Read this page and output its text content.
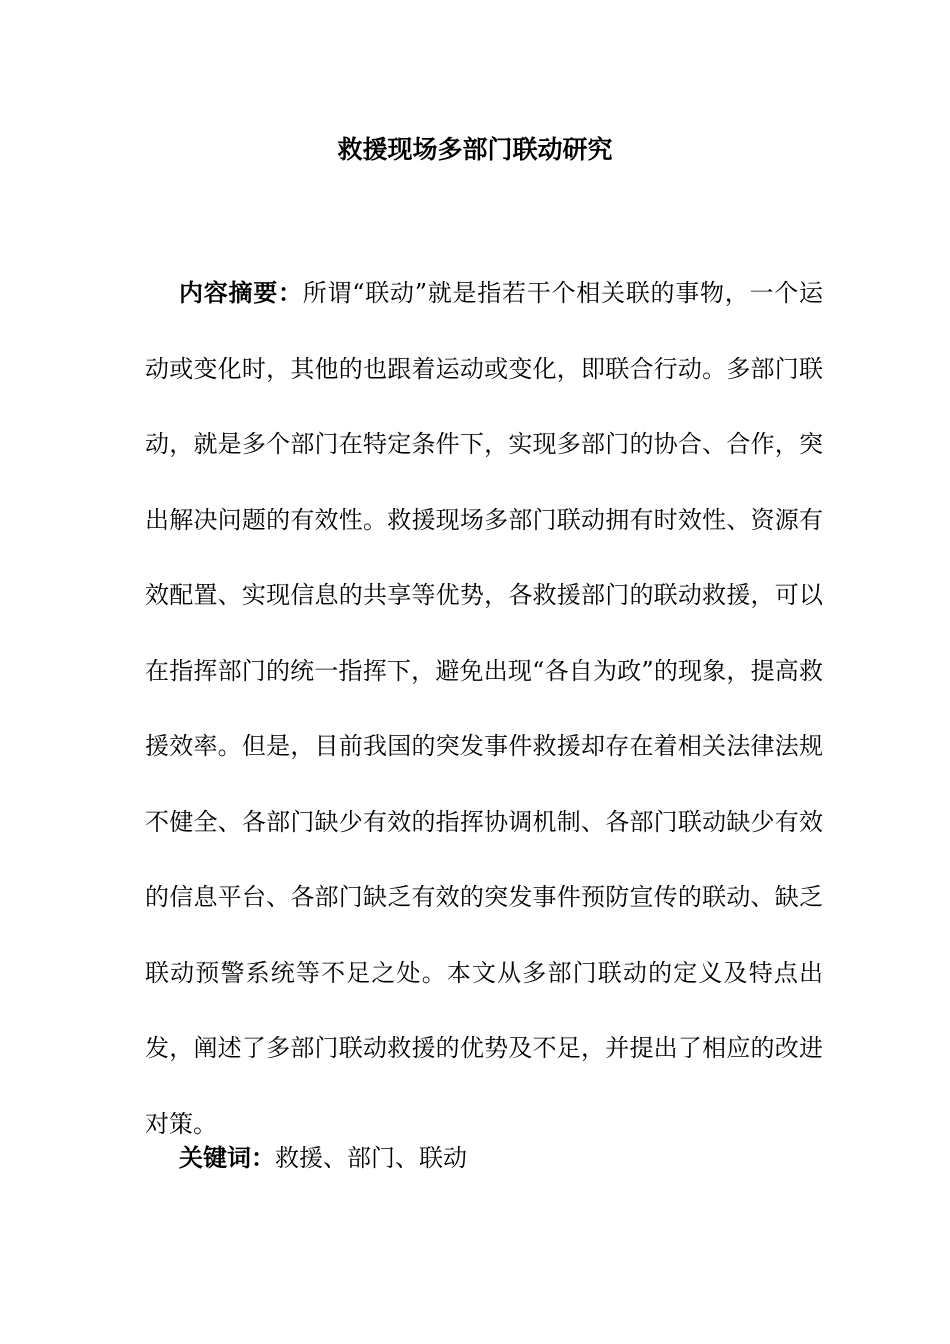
救援现场多部门联动研究

内容摘要：所谓“联动”就是指若干个相关联的事物，一个运动或变化时，其他的也跟着运动或变化，即联合行动。多部门联动，就是多个部门在特定条件下，实现多部门的协合、合作，突出解决问题的有效性。救援现场多部门联动拥有时效性、资源有效配置、实现信息的共享等优势，各救援部门的联动救援，可以在指挥部门的统一指挥下，避免出现“各自为政”的现象，提高救援效率。但是，目前我国的突发事件救援却存在着相关法律法规不健全、各部门缺少有效的指挥协调机制、各部门联动缺少有效的信息平台、各部门缺乏有效的突发事件预防宣传的联动、缺乏联动预警系统等不足之处。本文从多部门联动的定义及特点出发，阐述了多部门联动救援的优势及不足，并提出了相应的改进对策。

关键词：救援、部门、联动
